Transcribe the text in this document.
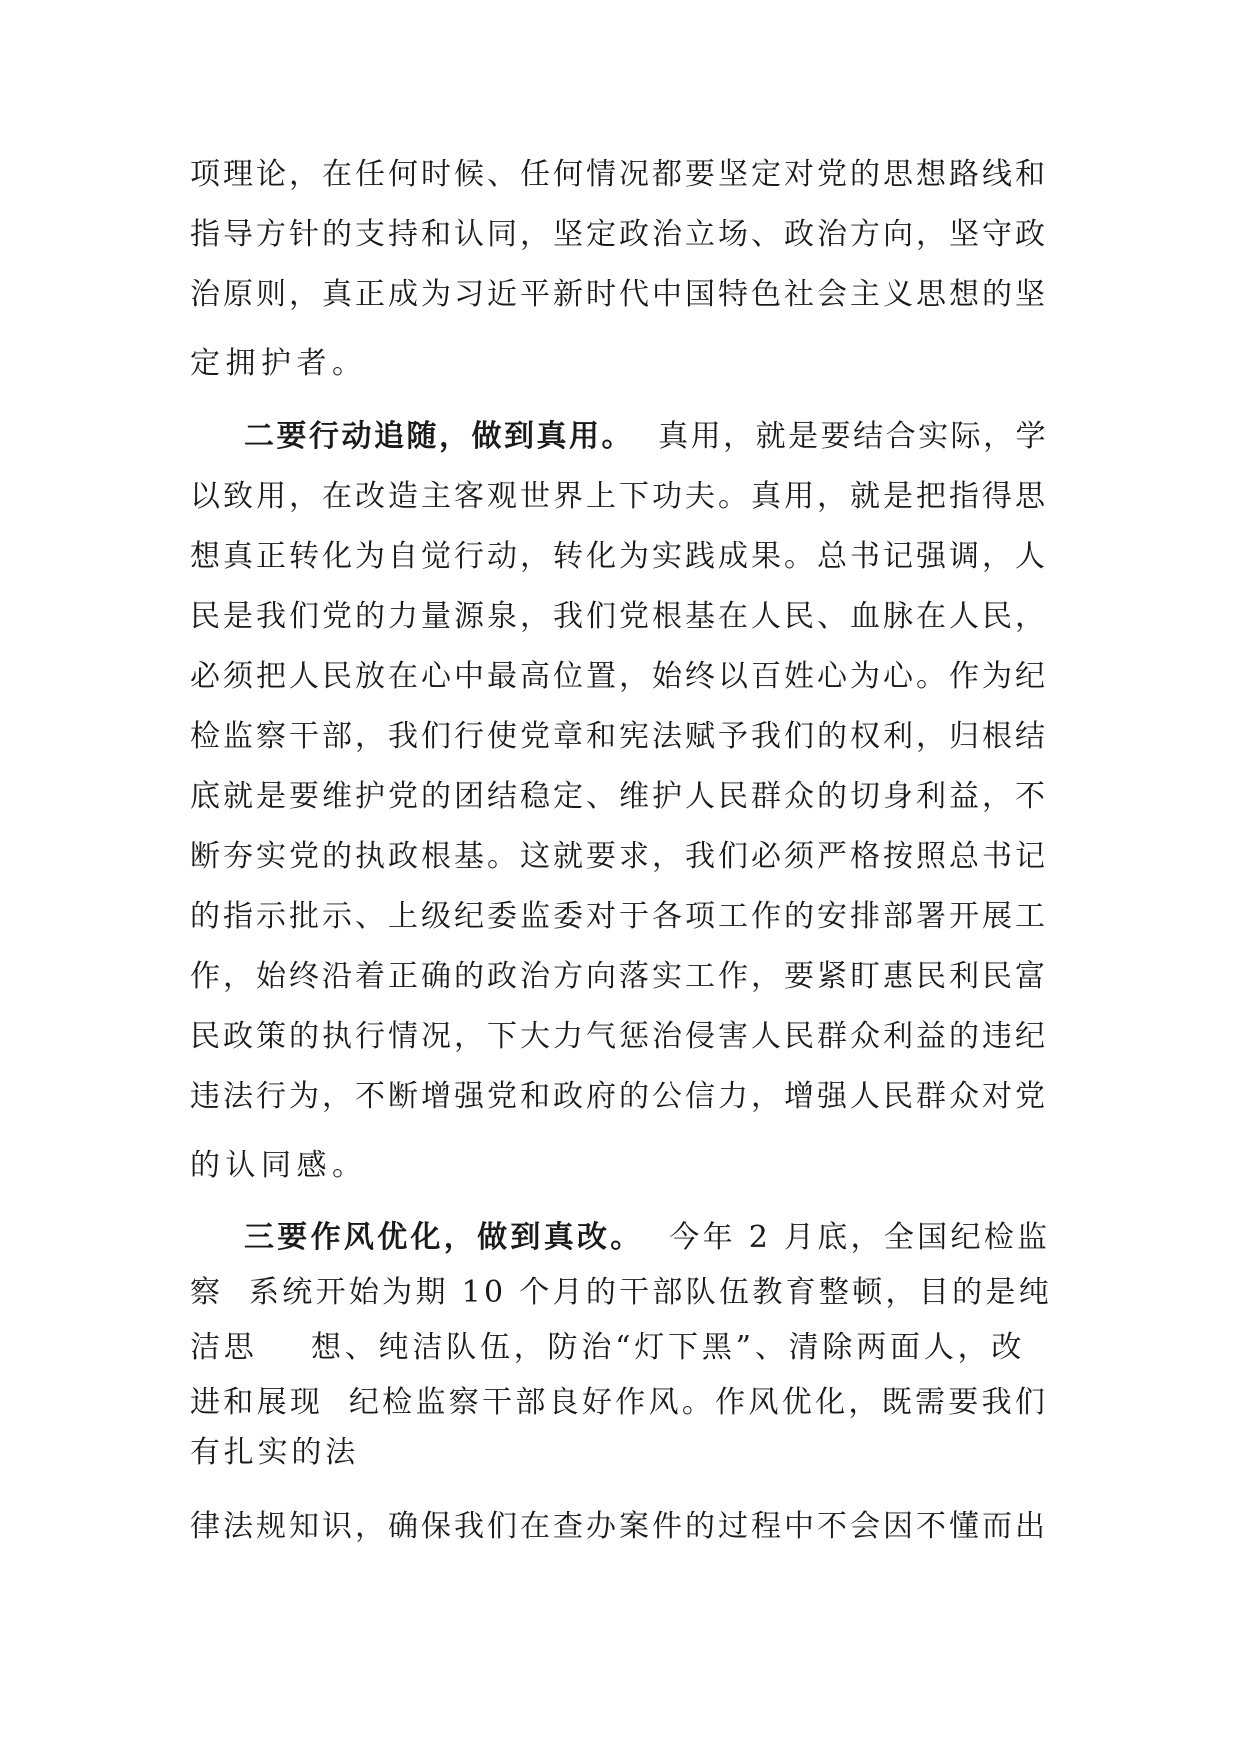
项理论，在任何时候、任何情况都要坚定对党的思想路线和
指导方针的支持和认同，坚定政治立场、政治方向，坚守政
治原则，真正成为习近平新时代中国特色社会主义思想的坚
定拥护者。
二要行动追随，做到真用。  真用，就是要结合实际，学
以致用，在改造主客观世界上下功夫。真用，就是把指得思
想真正转化为自觉行动，转化为实践成果。总书记强调，人
民是我们党的力量源泉，我们党根基在人民、血脉在人民，
必须把人民放在心中最高位置，始终以百姓心为心。作为纪
检监察干部，我们行使党章和宪法赋予我们的权利，归根结
底就是要维护党的团结稳定、维护人民群众的切身利益，不
断夯实党的执政根基。这就要求，我们必须严格按照总书记
的指示批示、上级纪委监委对于各项工作的安排部署开展工
作，始终沿着正确的政治方向落实工作，要紧盯惠民利民富
民政策的执行情况，下大力气惩治侵害人民群众利益的违纪
违法行为，不断增强党和政府的公信力，增强人民群众对党
的认同感。
三要作风优化，做到真改。  今年 2 月底，全国纪检监
察  系统开始为期 10 个月的干部队伍教育整顿，目的是纯
洁思    想、纯洁队伍，防治“灯下黑”、清除两面人，改
进和展现  纪检监察干部良好作风。作风优化，既需要我们
有扎实的法
律法规知识，确保我们在查办案件的过程中不会因不懂而出
